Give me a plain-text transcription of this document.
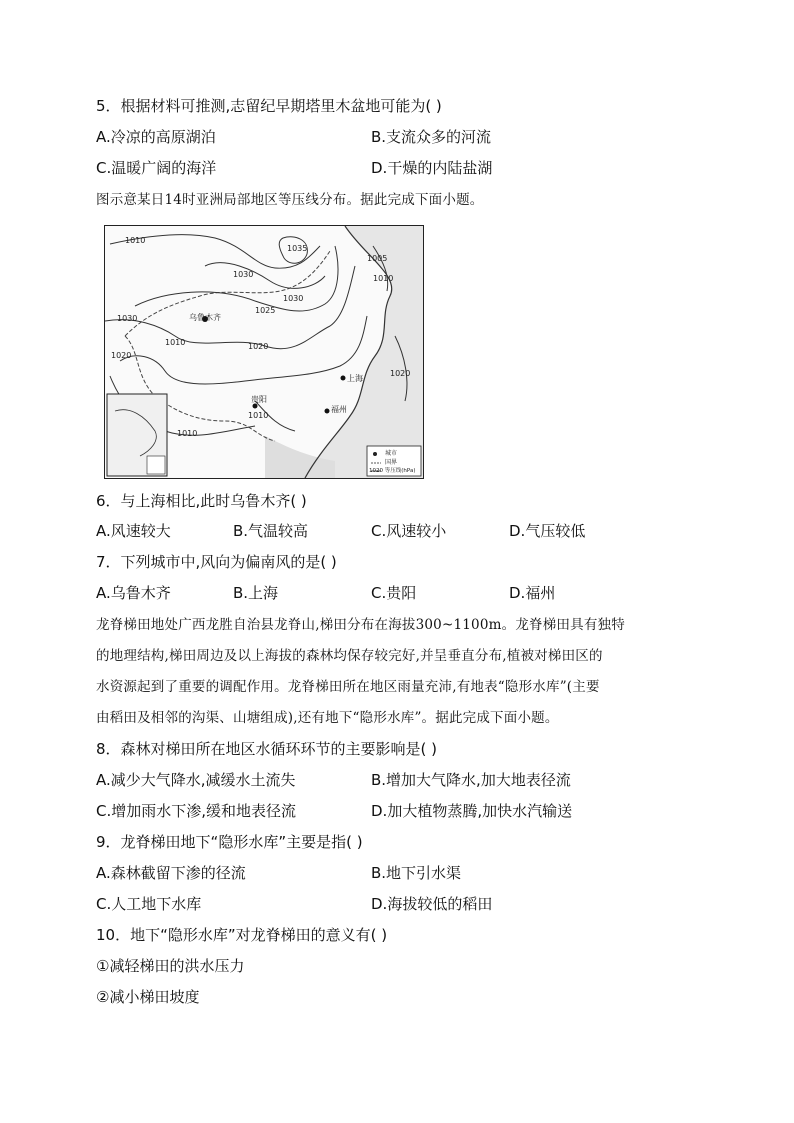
5．根据材料可推测,志留纪早期塔里木盆地可能为( )
A.冷凉的高原湖泊	B.支流众多的河流
C.温暖广阔的海洋	D.干燥的内陆盐湖
图示意某日14时亚洲局部地区等压线分布。据此完成下面小题。
乌鲁木齐
上海
贵阳
福州
1010
1035
1030
1025
1030
1020
1030
1010
1020
1010
1005
1010
1020
1010
城市
国界
1020 等压线(hPa)
6．与上海相比,此时乌鲁木齐( )
A.风速较大	B.气温较高	C.风速较小	D.气压较低
7．下列城市中,风向为偏南风的是( )
A.乌鲁木齐	B.上海	C.贵阳	D.福州
龙脊梯田地处广西龙胜自治县龙脊山,梯田分布在海拔300~1100m。龙脊梯田具有独特
的地理结构,梯田周边及以上海拔的森林均保存较完好,并呈垂直分布,植被对梯田区的
水资源起到了重要的调配作用。龙脊梯田所在地区雨量充沛,有地表“隐形水库”(主要
由稻田及相邻的沟渠、山塘组成),还有地下“隐形水库”。据此完成下面小题。
8．森林对梯田所在地区水循环环节的主要影响是( )
A.减少大气降水,减缓水土流失	B.增加大气降水,加大地表径流
C.增加雨水下渗,缓和地表径流	D.加大植物蒸腾,加快水汽输送
9．龙脊梯田地下“隐形水库”主要是指( )
A.森林截留下渗的径流	B.地下引水渠
C.人工地下水库	D.海拔较低的稻田
10．地下“隐形水库”对龙脊梯田的意义有( )
①减轻梯田的洪水压力
②减小梯田坡度
